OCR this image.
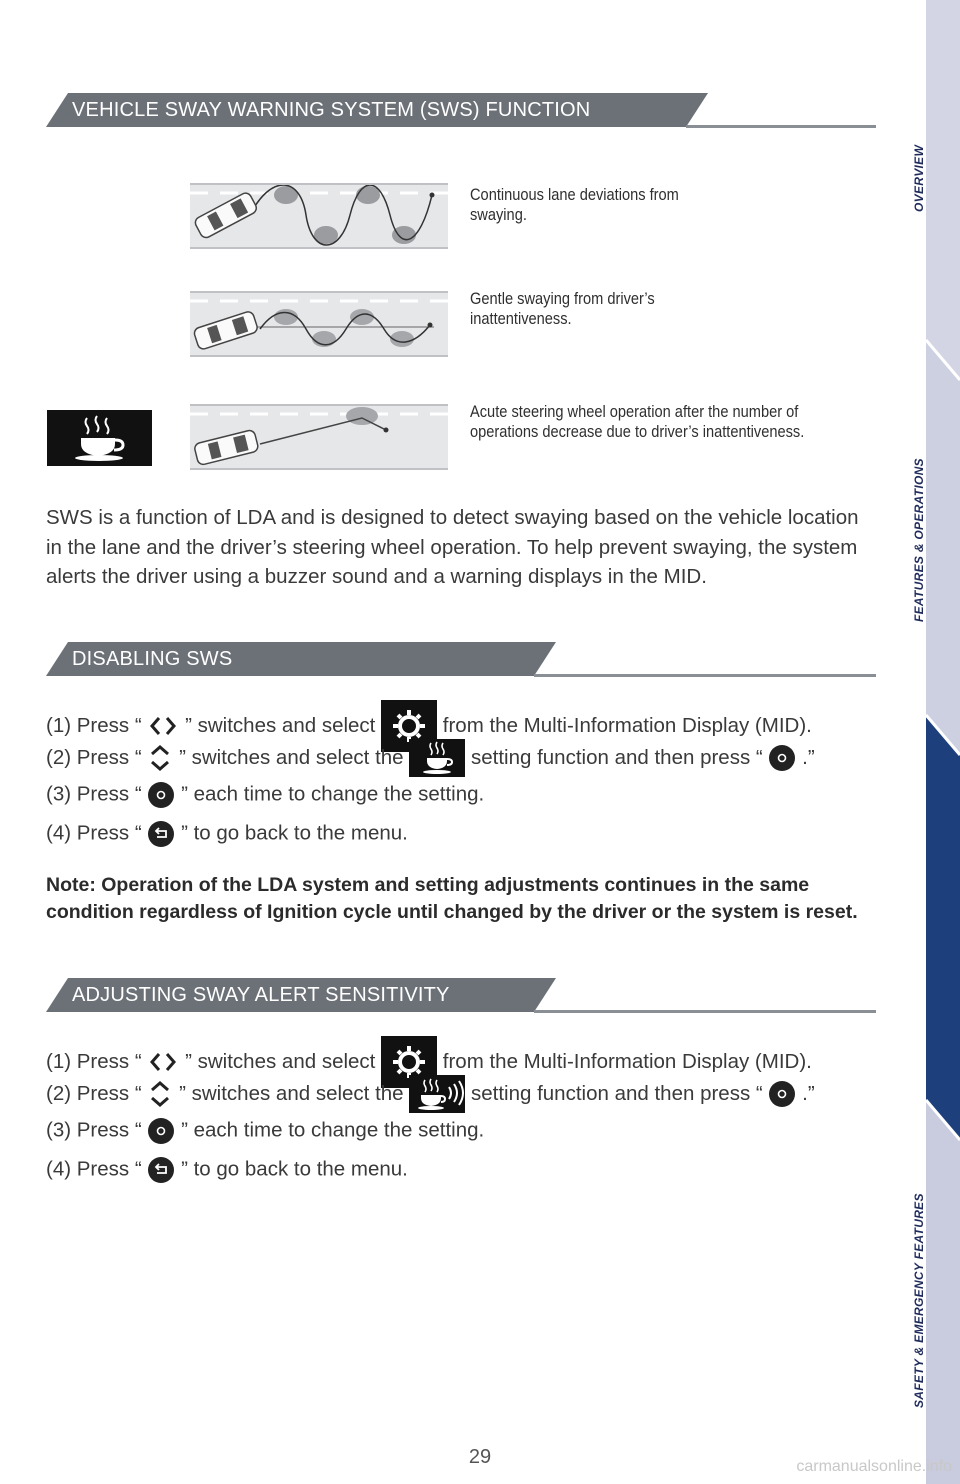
VEHICLE SWAY WARNING SYSTEM (SWS) FUNCTION
Continuous lane deviations from swaying.
Gentle swaying from driver’s inattentiveness.
Acute steering wheel operation after the number of operations decrease due to driver’s inattentiveness.
SWS is a function of LDA and is designed to detect swaying based on the vehicle location in the lane and the driver’s steering wheel operation. To help prevent swaying, the system alerts the driver using a buzzer sound and a warning displays in the MID.
DISABLING SWS
(1) Press “ ” switches and select	from the Multi-Information Display (MID).
(2) Press “ ” switches and select the	setting function and then press “ .”
(3) Press “ ” each time to change the setting.
(4) Press “ ” to go back to the menu.
Note: Operation of the LDA system and setting adjustments continues in the same condition regardless of Ignition cycle until changed by the driver or the system is reset.
ADJUSTING SWAY ALERT SENSITIVITY
(1) Press “ ” switches and select	from the Multi-Information Display (MID).
(2) Press “ ” switches and select the	setting function and then press “ .”
(3) Press “ ” each time to change the setting.
(4) Press “ ” to go back to the menu.
OVERVIEW
FEATURES & OPERATIONS
TOYOTA SAFETY SENSE
SAFETY & EMERGENCY FEATURES
29	carmanualsonline.info
